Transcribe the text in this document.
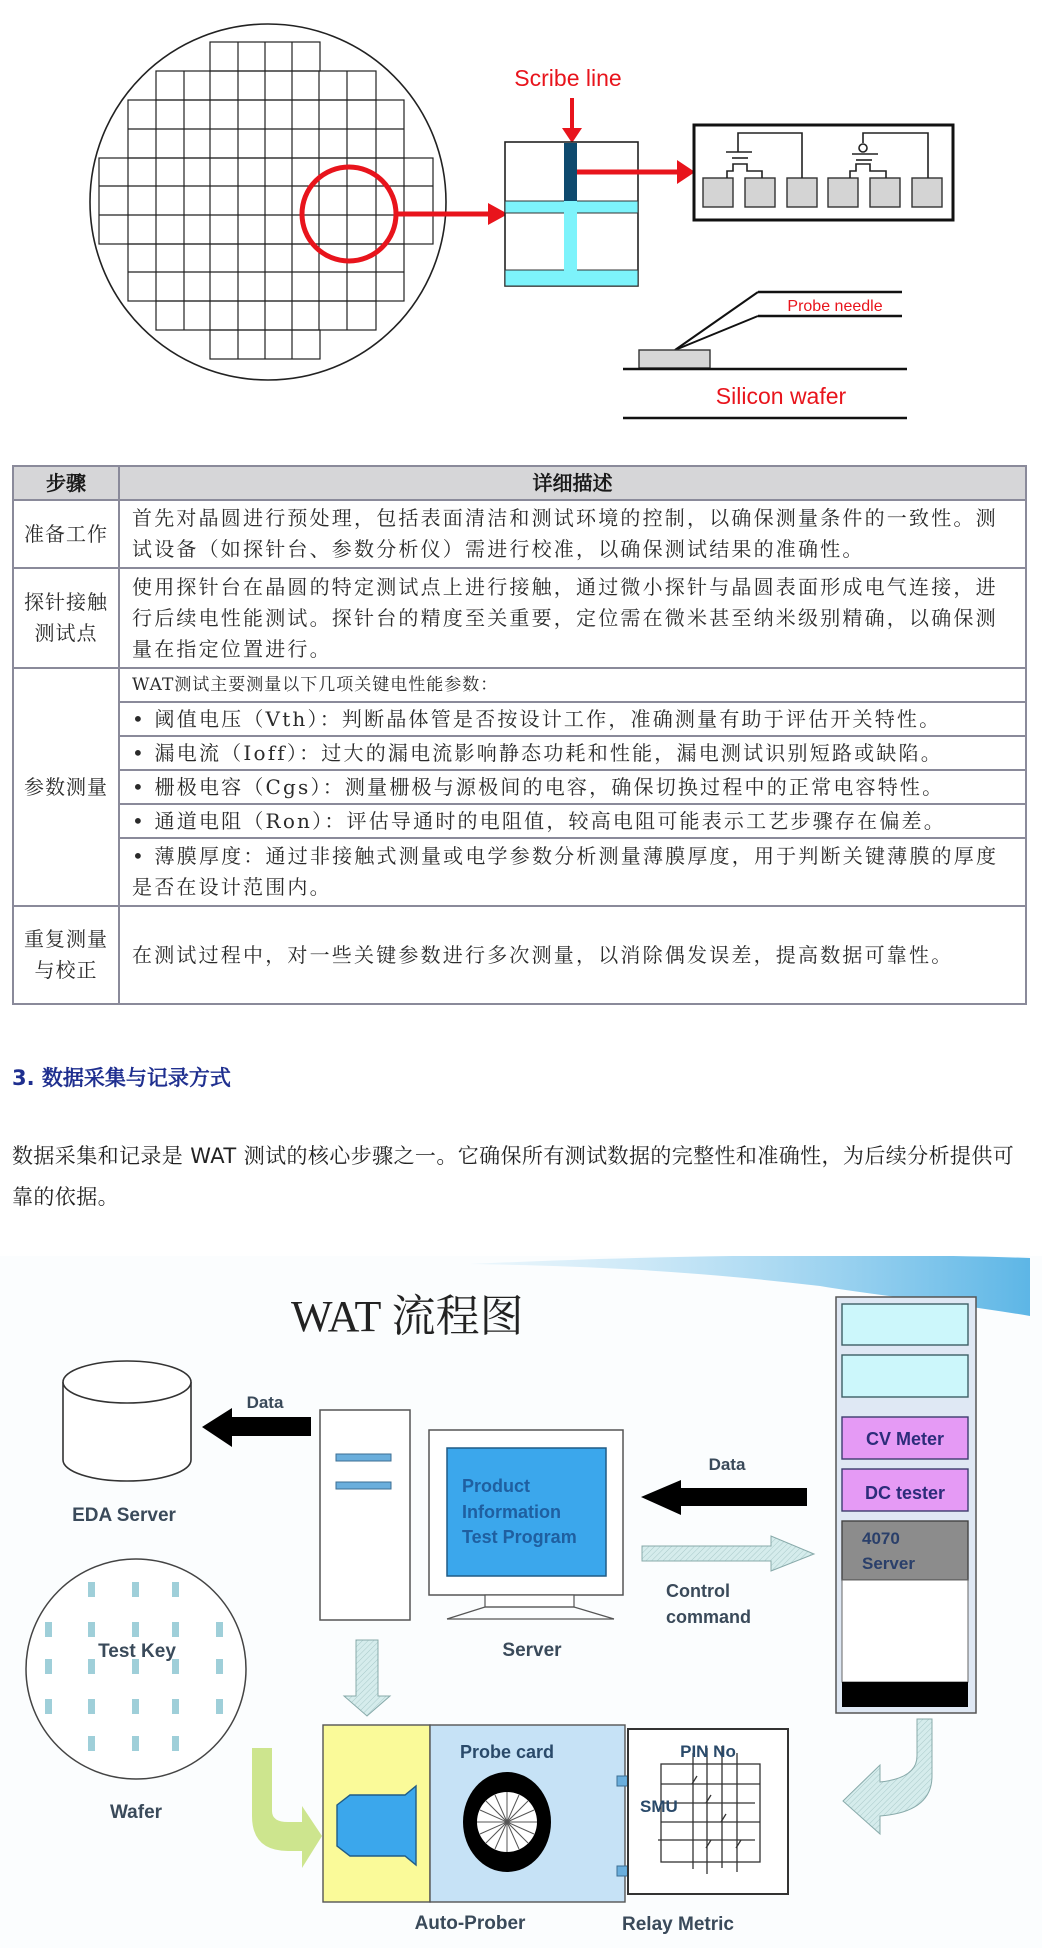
Scribe line
Probe needle
Silicon wafer
步骤	详细描述
准备工作	首先对晶圆进行预处理，包括表面清洁和测试环境的控制，以确保测量条件的一致性。测试设备（如探针台、参数分析仪）需进行校准，以确保测试结果的准确性。
探针接触测试点	使用探针台在晶圆的特定测试点上进行接触，通过微小探针与晶圆表面形成电气连接，进行后续电性能测试。探针台的精度至关重要，定位需在微米甚至纳米级别精确，以确保测量在指定位置进行。
参数测量	WAT测试主要测量以下几项关键电性能参数：
	• 阈值电压（Vth）：判断晶体管是否按设计工作，准确测量有助于评估开关特性。
	• 漏电流（Ioff）：过大的漏电流影响静态功耗和性能，漏电测试识别短路或缺陷。
	• 栅极电容（Cgs）：测量栅极与源极间的电容，确保切换过程中的正常电容特性。
	• 通道电阻（Ron）：评估导通时的电阻值，较高电阻可能表示工艺步骤存在偏差。
	• 薄膜厚度：通过非接触式测量或电学参数分析测量薄膜厚度，用于判断关键薄膜的厚度是否在设计范围内。
重复测量与校正	在测试过程中，对一些关键参数进行多次测量，以消除偶发误差，提高数据可靠性。
3. 数据采集与记录方式

数据采集和记录是 WAT 测试的核心步骤之一。它确保所有测试数据的完整性和准确性，为后续分析提供可靠的依据。

WAT 流程图
EDA Server
Data
Product
Information
Test Program
Server
Data
Control
command
CV Meter
DC tester
4070
Server
Test Key
Wafer
Probe card
Auto-Prober
PIN No
SMU
Relay Metric
